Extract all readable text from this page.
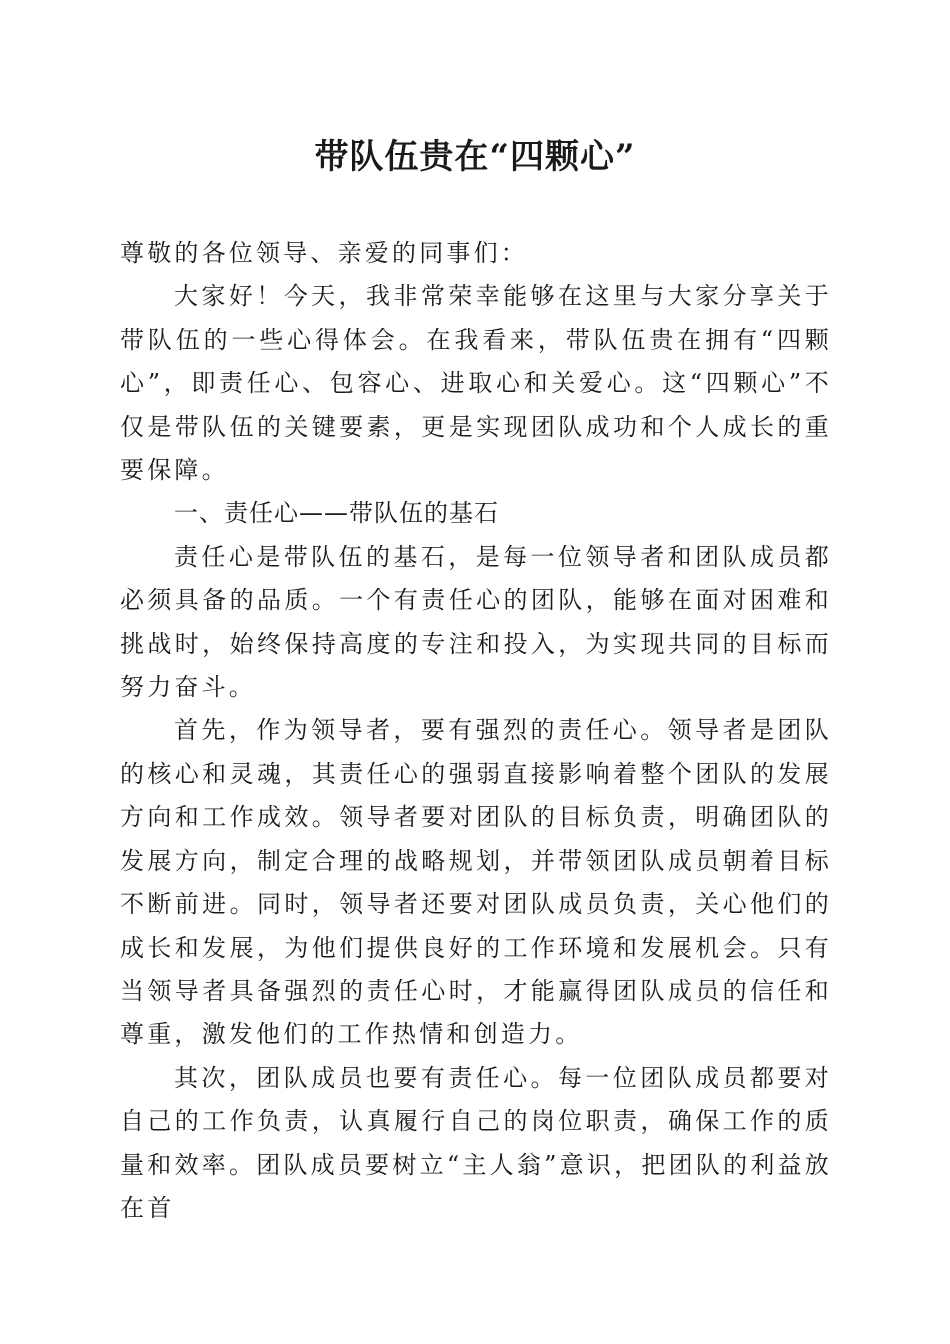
带队伍贵在“四颗心”

尊敬的各位领导、亲爱的同事们：

大家好！今天，我非常荣幸能够在这里与大家分享关于带队伍的一些心得体会。在我看来，带队伍贵在拥有“四颗心”，即责任心、包容心、进取心和关爱心。这“四颗心”不仅是带队伍的关键要素，更是实现团队成功和个人成长的重要保障。

一、责任心——带队伍的基石

责任心是带队伍的基石，是每一位领导者和团队成员都必须具备的品质。一个有责任心的团队，能够在面对困难和挑战时，始终保持高度的专注和投入，为实现共同的目标而努力奋斗。

首先，作为领导者，要有强烈的责任心。领导者是团队的核心和灵魂，其责任心的强弱直接影响着整个团队的发展方向和工作成效。领导者要对团队的目标负责，明确团队的发展方向，制定合理的战略规划，并带领团队成员朝着目标不断前进。同时，领导者还要对团队成员负责，关心他们的成长和发展，为他们提供良好的工作环境和发展机会。只有当领导者具备强烈的责任心时，才能赢得团队成员的信任和尊重，激发他们的工作热情和创造力。

其次，团队成员也要有责任心。每一位团队成员都要对自己的工作负责，认真履行自己的岗位职责，确保工作的质量和效率。团队成员要树立“主人翁”意识，把团队的利益放在首
